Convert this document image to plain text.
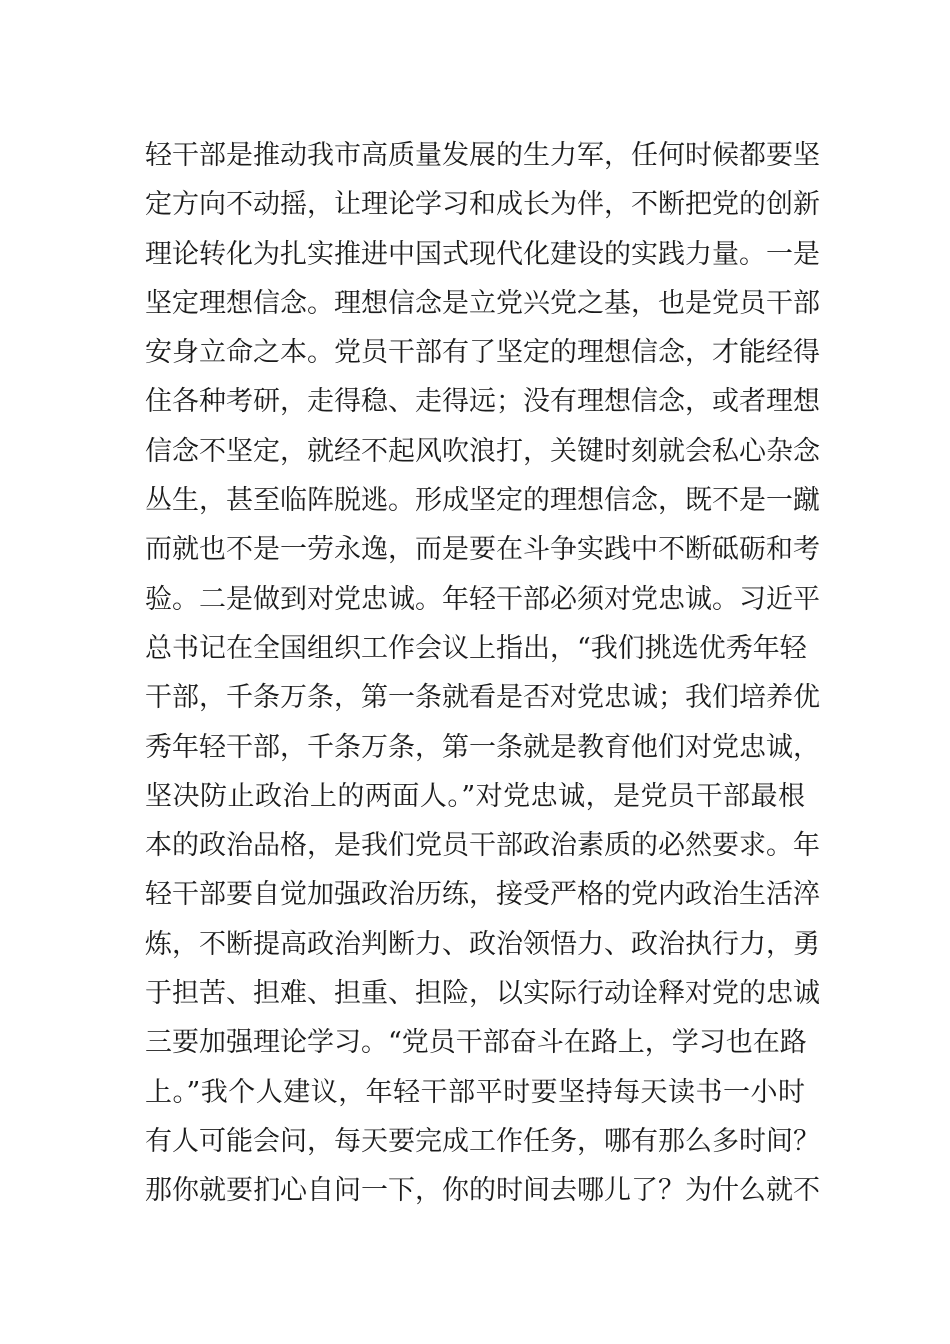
轻干部是推动我市高质量发展的生力军，任何时候都要坚
定方向不动摇，让理论学习和成长为伴，不断把党的创新
理论转化为扎实推进中国式现代化建设的实践力量。一是
坚定理想信念。理想信念是立党兴党之基，也是党员干部
安身立命之本。党员干部有了坚定的理想信念，才能经得
住各种考研，走得稳、走得远；没有理想信念，或者理想
信念不坚定，就经不起风吹浪打，关键时刻就会私心杂念
丛生，甚至临阵脱逃。形成坚定的理想信念，既不是一蹴
而就也不是一劳永逸，而是要在斗争实践中不断砥砺和考
验。二是做到对党忠诚。年轻干部必须对党忠诚。习近平
总书记在全国组织工作会议上指出，“我们挑选优秀年轻
干部，千条万条，第一条就看是否对党忠诚；我们培养优
秀年轻干部，千条万条，第一条就是教育他们对党忠诚，
坚决防止政治上的两面人。”对党忠诚，是党员干部最根
本的政治品格，是我们党员干部政治素质的必然要求。年
轻干部要自觉加强政治历练，接受严格的党内政治生活淬
炼，不断提高政治判断力、政治领悟力、政治执行力，勇
于担苦、担难、担重、担险，以实际行动诠释对党的忠诚
三要加强理论学习。“党员干部奋斗在路上，学习也在路
上。”我个人建议，年轻干部平时要坚持每天读书一小时
有人可能会问，每天要完成工作任务，哪有那么多时间？
那你就要扪心自问一下，你的时间去哪儿了？为什么就不
